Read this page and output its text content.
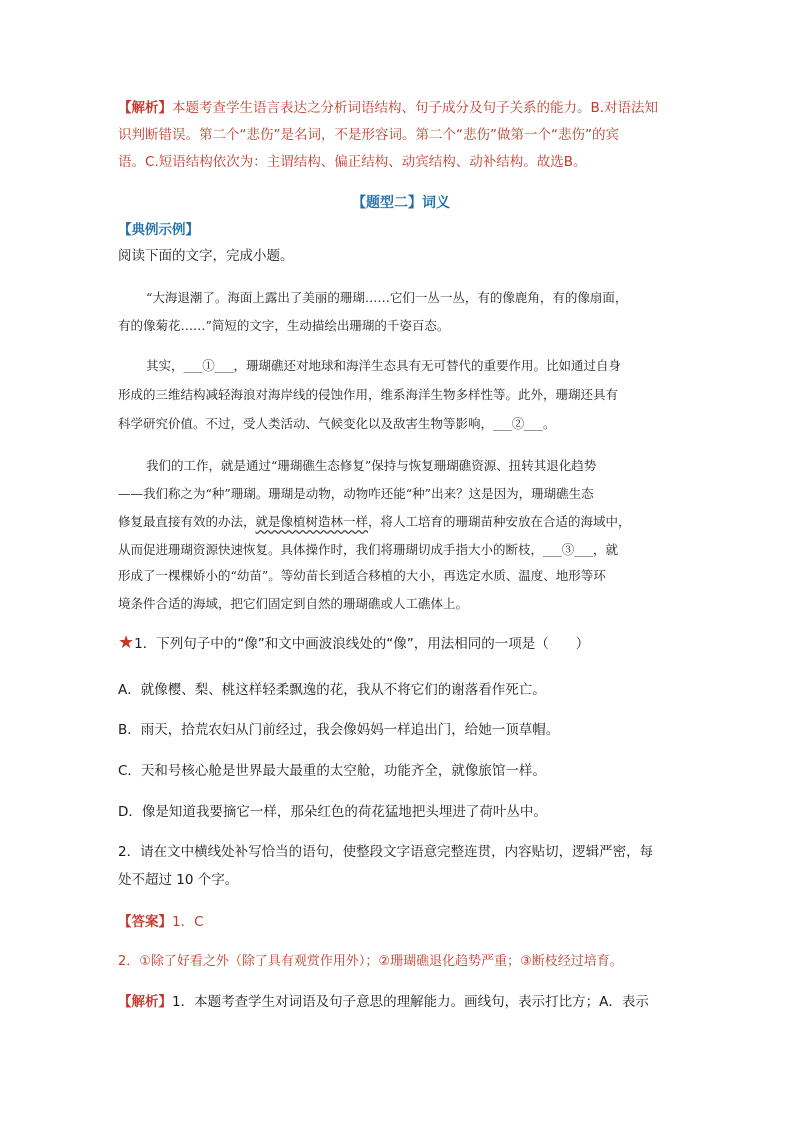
【解析】本题考查学生语言表达之分析词语结构、句子成分及句子关系的能力。B.对语法知
识判断错误。第二个“悲伤”是名词，不是形容词。第二个“悲伤”做第一个“悲伤”的宾
语。C.短语结构依次为：主谓结构、偏正结构、动宾结构、动补结构。故选B。
【题型二】词义
【典例示例】
阅读下面的文字，完成小题。
“大海退潮了。海面上露出了美丽的珊瑚……它们一丛一丛，有的像鹿角，有的像扇面，
有的像菊花……”简短的文字，生动描绘出珊瑚的千姿百态。
其实，___①___，珊瑚礁还对地球和海洋生态具有无可替代的重要作用。比如通过自身
形成的三维结构减轻海浪对海岸线的侵蚀作用，维系海洋生物多样性等。此外，珊瑚还具有
科学研究价值。不过，受人类活动、气候变化以及敌害生物等影响，___②___。
我们的工作，就是通过“珊瑚礁生态修复”保持与恢复珊瑚礁资源、扭转其退化趋势
——我们称之为“种”珊瑚。珊瑚是动物，动物咋还能“种”出来？这是因为，珊瑚礁生态
修复最直接有效的办法，就是像植树造林一样，将人工培育的珊瑚苗种安放在合适的海域中，
从而促进珊瑚资源快速恢复。具体操作时，我们将珊瑚切成手指大小的断枝，___③___，就
形成了一棵棵娇小的“幼苗”。等幼苗长到适合移植的大小，再选定水质、温度、地形等环
境条件合适的海域，把它们固定到自然的珊瑚礁或人工礁体上。
★1．下列句子中的“像”和文中画波浪线处的“像”，用法相同的一项是（　　）
A．就像樱、梨、桃这样轻柔飘逸的花，我从不将它们的谢落看作死亡。
B．雨天，拾荒农妇从门前经过，我会像妈妈一样追出门，给她一顶草帽。
C．天和号核心舱是世界最大最重的太空舱，功能齐全，就像旅馆一样。
D．像是知道我要摘它一样，那朵红色的荷花猛地把头埋进了荷叶丛中。
2．请在文中横线处补写恰当的语句，使整段文字语意完整连贯，内容贴切，逻辑严密，每
处不超过 10 个字。
【答案】1．C
2．①除了好看之外（除了具有观赏作用外）；②珊瑚礁退化趋势严重；③断枝经过培育。
【解析】1．本题考查学生对词语及句子意思的理解能力。画线句，表示打比方；A．表示
